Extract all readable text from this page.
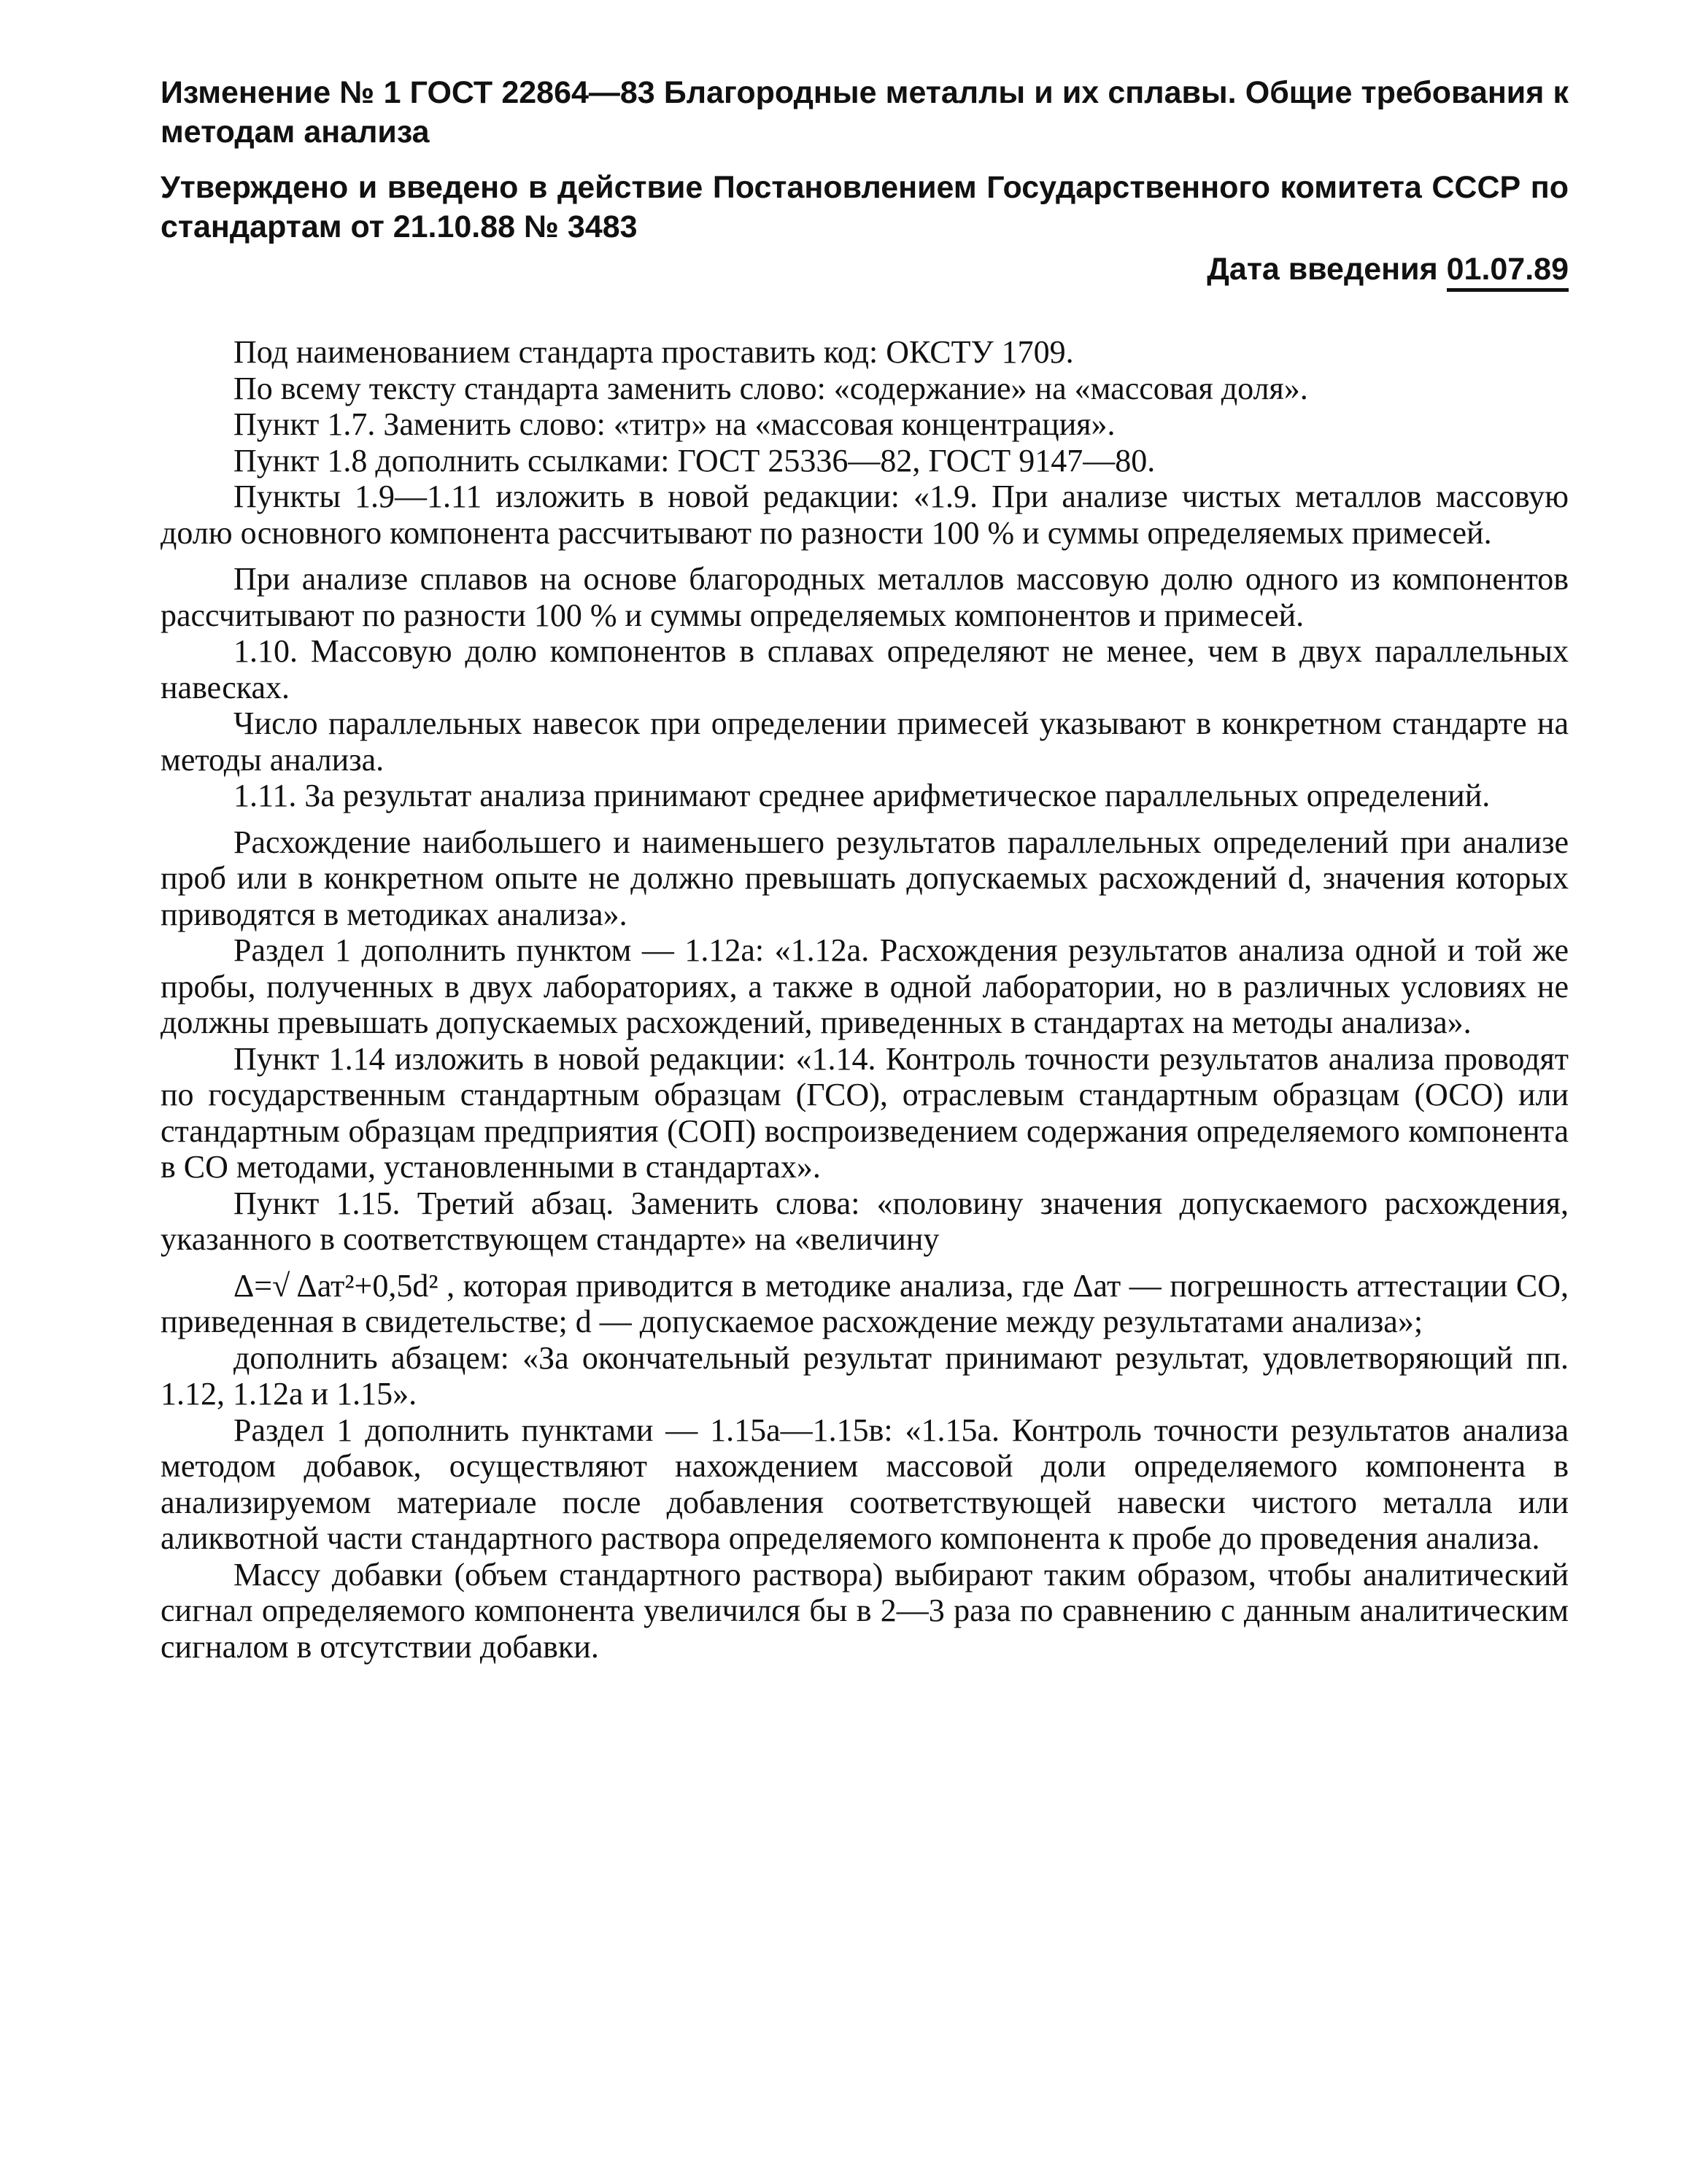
Изменение № 1 ГОСТ 22864—83 Благородные металлы и их сплавы. Общие требования к методам анализа

Утверждено и введено в действие Постановлением Государственного комитета СССР по стандартам от 21.10.88 № 3483

Дата введения 01.07.89

Под наименованием стандарта проставить код: ОКСТУ 1709.

По всему тексту стандарта заменить слово: «содержание» на «массовая доля».

Пункт 1.7. Заменить слово: «титр» на «массовая концентрация».

Пункт 1.8 дополнить ссылками: ГОСТ 25336—82, ГОСТ 9147—80.

Пункты 1.9—1.11 изложить в новой редакции: «1.9. При анализе чистых металлов массовую долю основного компонента рассчитывают по разности 100 % и суммы определяемых примесей.

При анализе сплавов на основе благородных металлов массовую долю одного из компонентов рассчитывают по разности 100 % и суммы определяемых компонентов и примесей.

1.10. Массовую долю компонентов в сплавах определяют не менее, чем в двух параллельных навесках.

Число параллельных навесок при определении примесей указывают в конкретном стандарте на методы анализа.

1.11. За результат анализа принимают среднее арифметическое параллельных определений.

Расхождение наибольшего и наименьшего результатов параллельных определений при анализе проб или в конкретном опыте не должно превышать допускаемых расхождений d, значения которых приводятся в методиках анализа».

Раздел 1 дополнить пунктом — 1.12а: «1.12а. Расхождения результатов анализа одной и той же пробы, полученных в двух лабораториях, а также в одной лаборатории, но в различных условиях не должны превышать допускаемых расхождений, приведенных в стандартах на методы анализа».

Пункт 1.14 изложить в новой редакции: «1.14. Контроль точности результатов анализа проводят по государственным стандартным образцам (ГСО), отраслевым стандартным образцам (ОСО) или стандартным образцам предприятия (СОП) воспроизведением содержания определяемого компонента в СО методами, установленными в стандартах».

Пункт 1.15. Третий абзац. Заменить слова: «половину значения допускаемого расхождения, указанного в соответствующем стандарте» на «величину

Δ=√ Δат²+0,5d² , которая приводится в методике анализа, где Δат — погрешность аттестации СО, приведенная в свидетельстве; d — допускаемое расхождение между результатами анализа»;

дополнить абзацем: «За окончательный результат принимают результат, удовлетворяющий пп. 1.12, 1.12а и 1.15».

Раздел 1 дополнить пунктами — 1.15а—1.15в: «1.15а. Контроль точности результатов анализа методом добавок, осуществляют нахождением массовой доли определяемого компонента в анализируемом материале после добавления соответствующей навески чистого металла или аликвотной части стандартного раствора определяемого компонента к пробе до проведения анализа.

Массу добавки (объем стандартного раствора) выбирают таким образом, чтобы аналитический сигнал определяемого компонента увеличился бы в 2—3 раза по сравнению с данным аналитическим сигналом в отсутствии добавки.
